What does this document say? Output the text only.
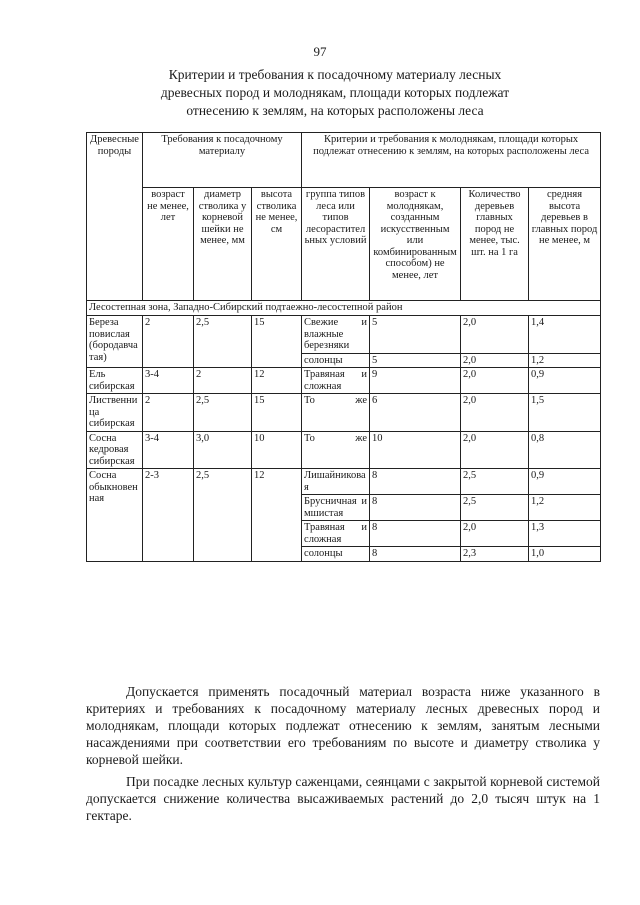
97
Критерии и требования к посадочному материалу лесных
древесных пород и молоднякам, площади которых подлежат
отнесению к землям, на которых расположены леса
Древесные породы	Требования к посадочному материалу			Критерии и требования к молоднякам, площади которых подлежат отнесению к землям, на которых расположены леса			
	возраст не менее, лет	диаметр стволика у корневой шейки не менее, мм	высота стволика не менее, см	группа типов леса или типов лесорастительных условий	возраст к молоднякам, созданным искусственным или комбинированным способом) не менее, лет	Количество деревьев главных пород не менее, тыс. шт. на 1 га	средняя высота деревьев в главных пород не менее, м
Лесостепная зона, Западно-Сибирский подтаежно-лесостепной район							
Береза повислая (бородавчатая)	2	2,5	15	Свежие и влажные березняки	5	2,0	1,4
				солонцы	5	2,0	1,2
Ель сибирская	3-4	2	12	Травяная и сложная	9	2,0	0,9
Лиственница сибирская	2	2,5	15	То же	6	2,0	1,5
Сосна кедровая сибирская	3-4	3,0	10	То же	10	2,0	0,8
Сосна обыкновенная	2-3	2,5	12	Лишайниковая	8	2,5	0,9
				Брусничная и мшистая	8	2,5	1,2
				Травяная и сложная	8	2,0	1,3
				солонцы	8	2,3	1,0
Допускается применять посадочный материал возраста ниже указанного в критериях и требованиях к посадочному материалу лесных древесных пород и молоднякам, площади которых подлежат отнесению к землям, занятым лесными насаждениями при соответствии его требованиям по высоте и диаметру стволика у корневой шейки.
При посадке лесных культур саженцами, сеянцами с закрытой корневой системой допускается снижение количества высаживаемых растений до 2,0 тысяч штук на 1 гектаре.
